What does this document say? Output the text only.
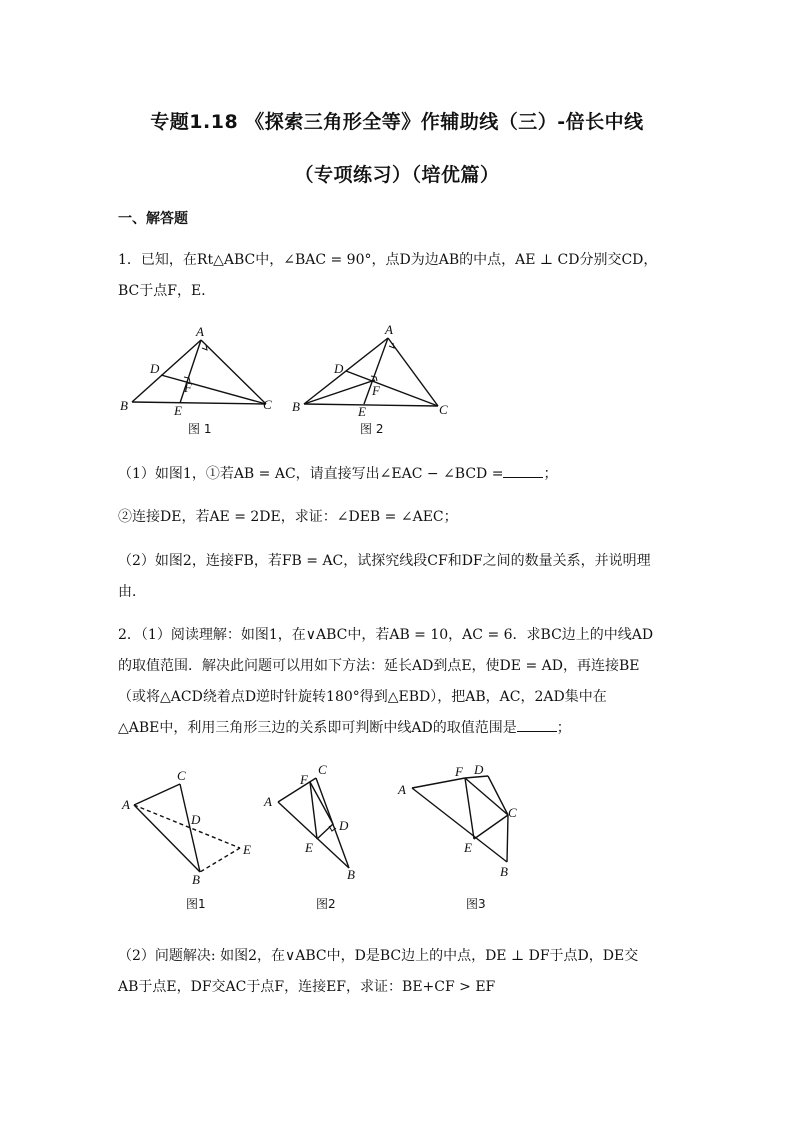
专题1.18 《探索三角形全等》作辅助线（三）-倍长中线
（专项练习）（培优篇）
一、解答题
1．已知，在Rt△ABC中，∠BAC = 90°，点D为边AB的中点，AE ⊥ CD分别交CD，
BC于点F，E．
A
D
F
B	E	C
图 1
A
D
F
B	E	C
图 2
（1）如图1，①若AB = AC，请直接写出∠EAC − ∠BCD =	；
②连接DE，若AE = 2DE，求证：∠DEB = ∠AEC；
（2）如图2，连接FB，若FB = AC，试探究线段CF和DF之间的数量关系，并说明理
由．
2．（1）阅读理解：如图1，在∨ABC中，若AB = 10，AC = 6．求BC边上的中线AD
的取值范围．解决此问题可以用如下方法：延长AD到点E，使DE = AD，再连接BE
（或将△ACD绕着点D逆时针旋转180°得到△EBD），把AB，AC，2AD集中在
△ABE中，利用三角形三边的关系即可判断中线AD的取值范围是	；
C
A
D
E
B
图1
F
C
A
D
E
B
图2
F D
A
C
E
B
图3
（2）问题解决: 如图2，在∨ABC中，D是BC边上的中点，DE ⊥ DF于点D，DE交
AB于点E，DF交AC于点F，连接EF，求证：BE+CF > EF
